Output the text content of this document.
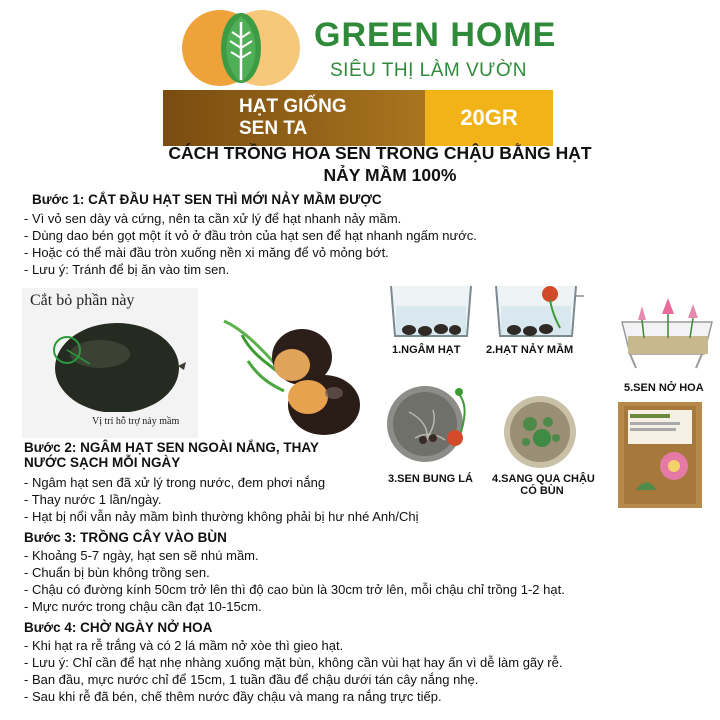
GREEN HOME
SIÊU THỊ LÀM VƯỜN
HẠT GIỐNG
SEN TA	20GR
CÁCH TRỒNG HOA SEN TRONG CHẬU BẰNG HẠT
NẢY MẦM 100%
Bước 1: CẮT ĐẦU HẠT SEN THÌ MỚI NẢY MẦM ĐƯỢC
- Vì vỏ sen dày và cứng, nên ta cần xử lý để hạt nhanh nảy mầm.
- Dùng dao bén gọt một ít vỏ ở đầu tròn của hạt sen để hạt nhanh ngấm nước.
- Hoặc có thể mài đầu tròn xuống nền xi măng để vỏ mỏng bớt.
- Lưu ý: Tránh để bị ăn vào tim sen.
Cắt bỏ phần này
Vị trí hỗ trợ nảy mầm
1.NGÂM HẠT 2.HẠT NẢY MẦM
5.SEN NỞ HOA
3.SEN BUNG LÁ 4.SANG QUA CHẬU
CÓ BÙN
Bước 2: NGÂM HẠT SEN NGOÀI NẮNG, THAY
NƯỚC SẠCH MỖI NGÀY
- Ngâm hạt sen đã xử lý trong nước, đem phơi nắng
- Thay nước 1 lần/ngày.
- Hạt bị nổi vẫn nảy mầm bình thường không phải bị hư nhé Anh/Chị
Bước 3: TRỒNG CÂY VÀO BÙN
- Khoảng 5-7 ngày, hạt sen sẽ nhú mầm.
- Chuẩn bị bùn không trồng sen.
- Chậu có đường kính 50cm trở lên thì độ cao bùn là 30cm trở lên, mỗi chậu chỉ trồng 1-2 hạt.
- Mực nước trong chậu cần đạt 10-15cm.
Bước 4: CHỜ NGÀY NỞ HOA
- Khi hạt ra rễ trắng và có 2 lá mầm nở xòe thì gieo hạt.
- Lưu ý: Chỉ cần để hạt nhẹ nhàng xuống mặt bùn, không cần vùi hạt hay ấn vì dễ làm gãy rễ.
- Ban đầu, mực nước chỉ để 15cm, 1 tuần đầu để chậu dưới tán cây nắng nhẹ.
- Sau khi rễ đã bén, chế thêm nước đầy chậu và mang ra nắng trực tiếp.
